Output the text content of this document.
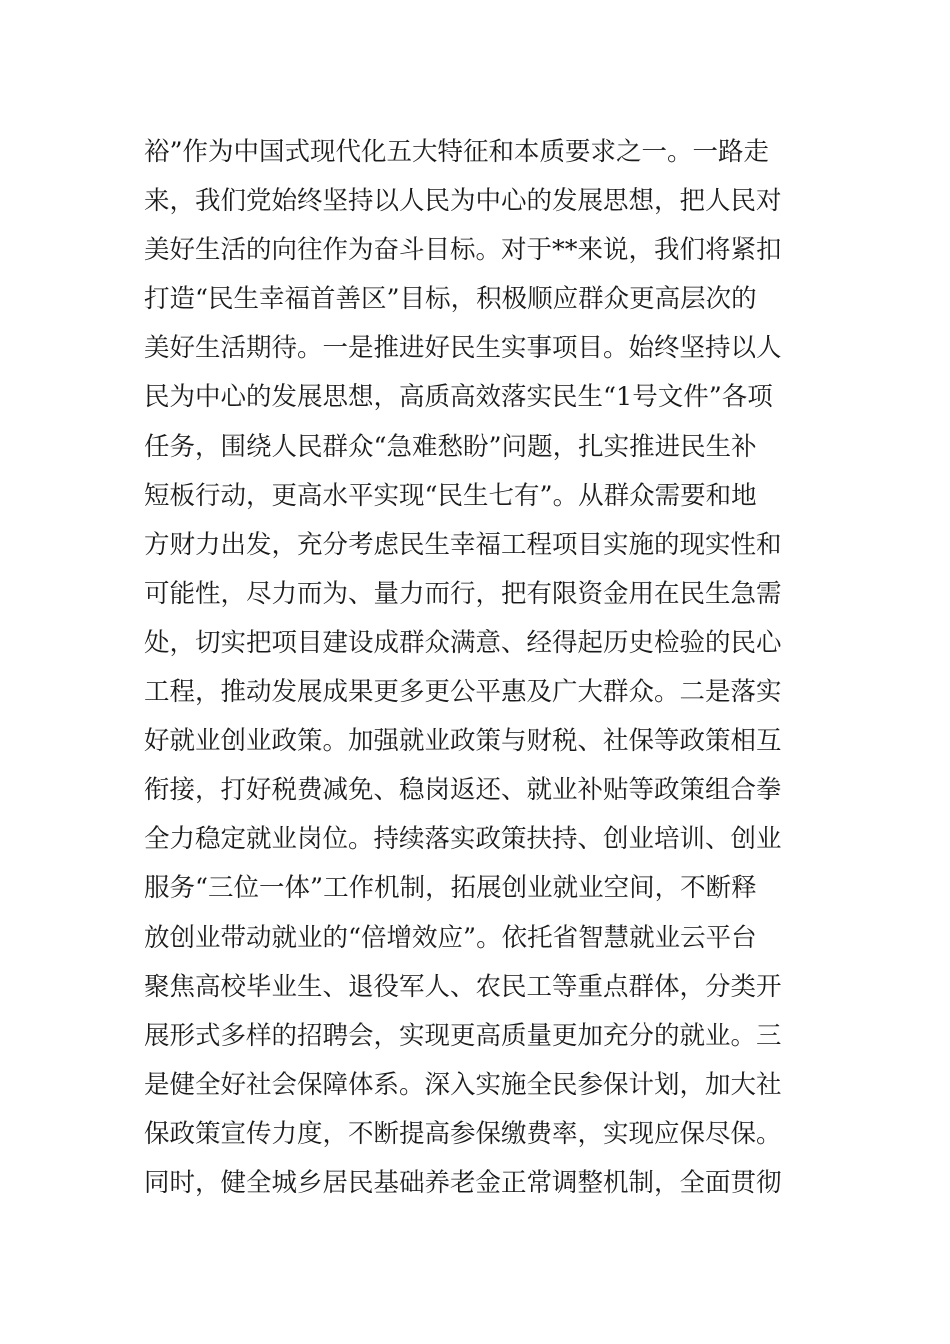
裕”作为中国式现代化五大特征和本质要求之一。一路走
来，我们党始终坚持以人民为中心的发展思想，把人民对
美好生活的向往作为奋斗目标。对于**来说，我们将紧扣
打造“民生幸福首善区”目标，积极顺应群众更高层次的
美好生活期待。一是推进好民生实事项目。始终坚持以人
民为中心的发展思想，高质高效落实民生“1号文件”各项
任务，围绕人民群众“急难愁盼”问题，扎实推进民生补
短板行动，更高水平实现“民生七有”。从群众需要和地
方财力出发，充分考虑民生幸福工程项目实施的现实性和
可能性，尽力而为、量力而行，把有限资金用在民生急需
处，切实把项目建设成群众满意、经得起历史检验的民心
工程，推动发展成果更多更公平惠及广大群众。二是落实
好就业创业政策。加强就业政策与财税、社保等政策相互
衔接，打好税费减免、稳岗返还、就业补贴等政策组合拳
全力稳定就业岗位。持续落实政策扶持、创业培训、创业
服务“三位一体”工作机制，拓展创业就业空间，不断释
放创业带动就业的“倍增效应”。依托省智慧就业云平台
聚焦高校毕业生、退役军人、农民工等重点群体，分类开
展形式多样的招聘会，实现更高质量更加充分的就业。三
是健全好社会保障体系。深入实施全民参保计划，加大社
保政策宣传力度，不断提高参保缴费率，实现应保尽保。
同时，健全城乡居民基础养老金正常调整机制，全面贯彻
